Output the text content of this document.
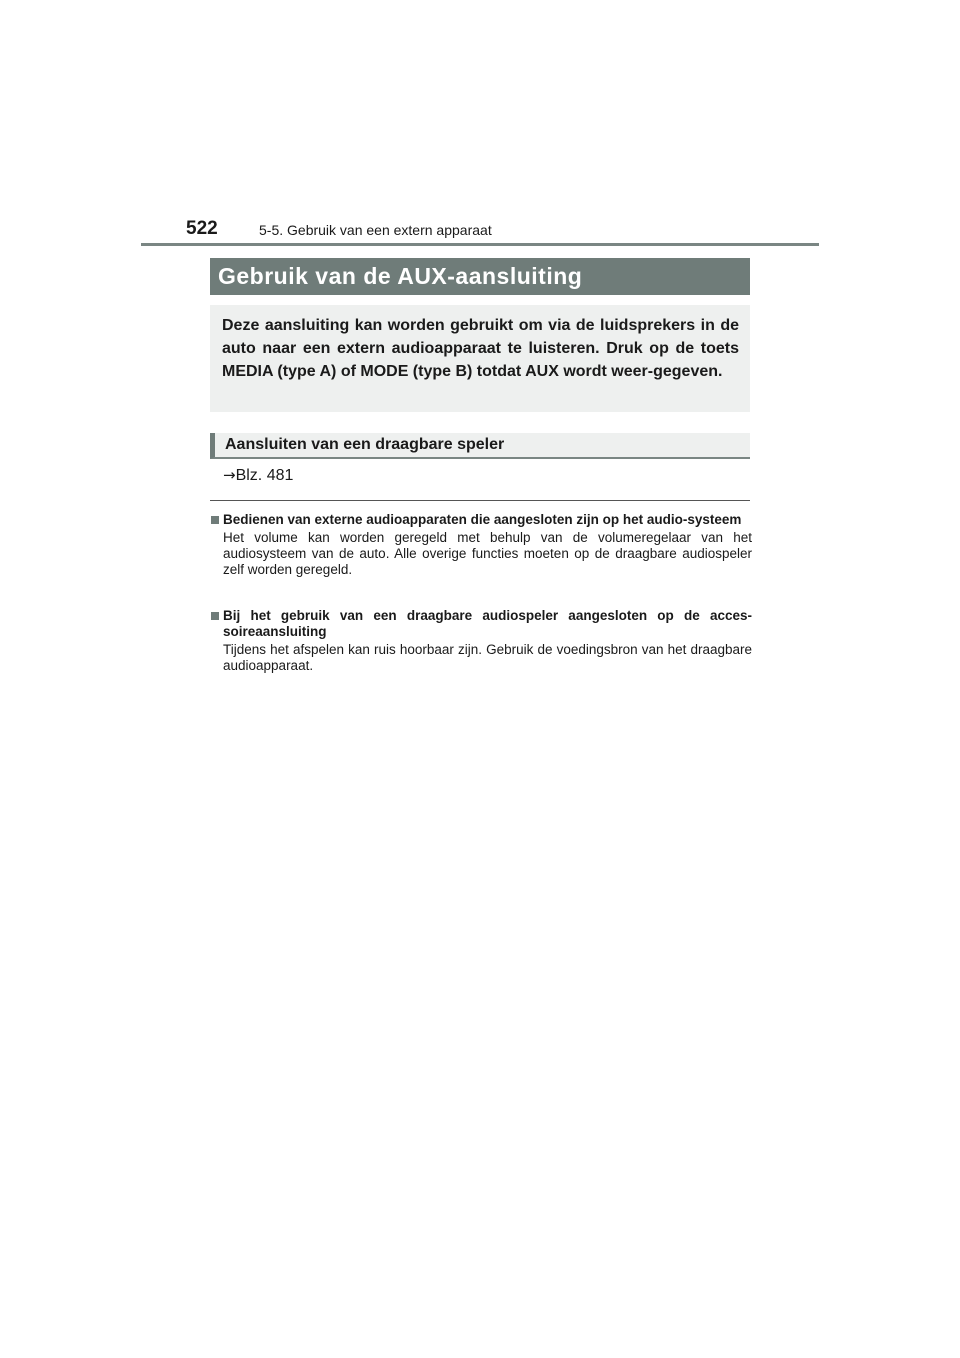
522	5-5. Gebruik van een extern apparaat
Gebruik van de AUX-aansluiting

Deze aansluiting kan worden gebruikt om via de luidsprekers in de auto naar een extern audioapparaat te luisteren. Druk op de toets MEDIA (type A) of MODE (type B) totdat AUX wordt weer-gegeven.

Aansluiten van een draagbare speler
→Blz. 481
Bedienen van externe audioapparaten die aangesloten zijn op het audio-systeem
Het volume kan worden geregeld met behulp van de volumeregelaar van het audiosysteem van de auto. Alle overige functies moeten op de draagbare audiospeler zelf worden geregeld.
Bij het gebruik van een draagbare audiospeler aangesloten op de acces-soireaansluiting
Tijdens het afspelen kan ruis hoorbaar zijn. Gebruik de voedingsbron van het draagbare audioapparaat.
